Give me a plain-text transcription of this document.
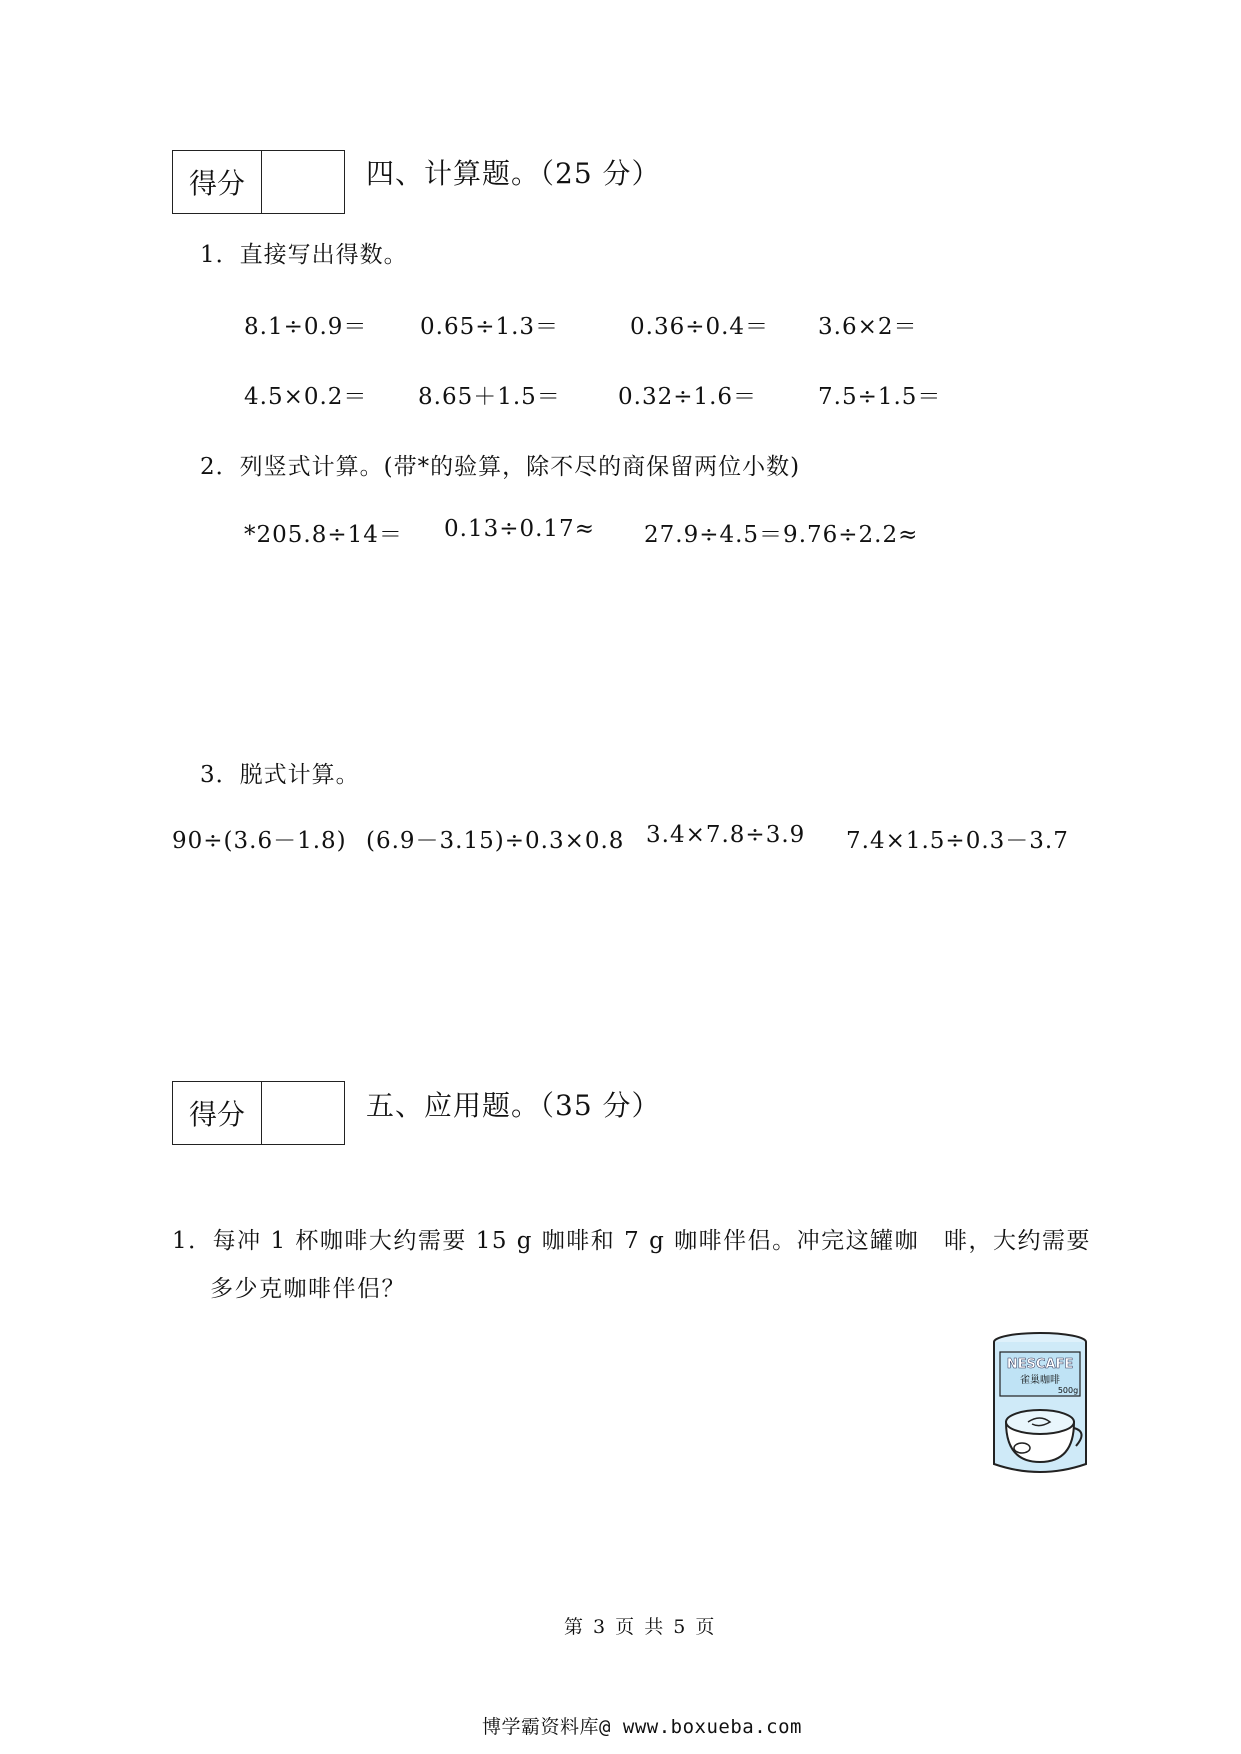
得分	四、计算题。（25 分）
1．直接写出得数。
8.1÷0.9＝ 0.65÷1.3＝	0.36÷0.4＝ 3.6×2＝
4.5×0.2＝ 8.65＋1.5＝ 0.32÷1.6＝	7.5÷1.5＝
2．列竖式计算。(带*的验算，除不尽的商保留两位小数)
*205.8÷14＝ 0.13÷0.17≈ 27.9÷4.5＝9.76÷2.2≈
3．脱式计算。
90÷(3.6－1.8) (6.9－3.15)÷0.3×0.8 3.4×7.8÷3.9 7.4×1.5÷0.3－3.7
得分	五、应用题。（35 分）
1．每冲 1 杯咖啡大约需要 15 g 咖啡和 7 g 咖啡伴侣。冲完这罐咖 啡，大约需要
多少克咖啡伴侣？
NESCAFE
雀巢咖啡
500g
第 3 页 共 5 页
博学霸资料库@ www.boxueba.com
